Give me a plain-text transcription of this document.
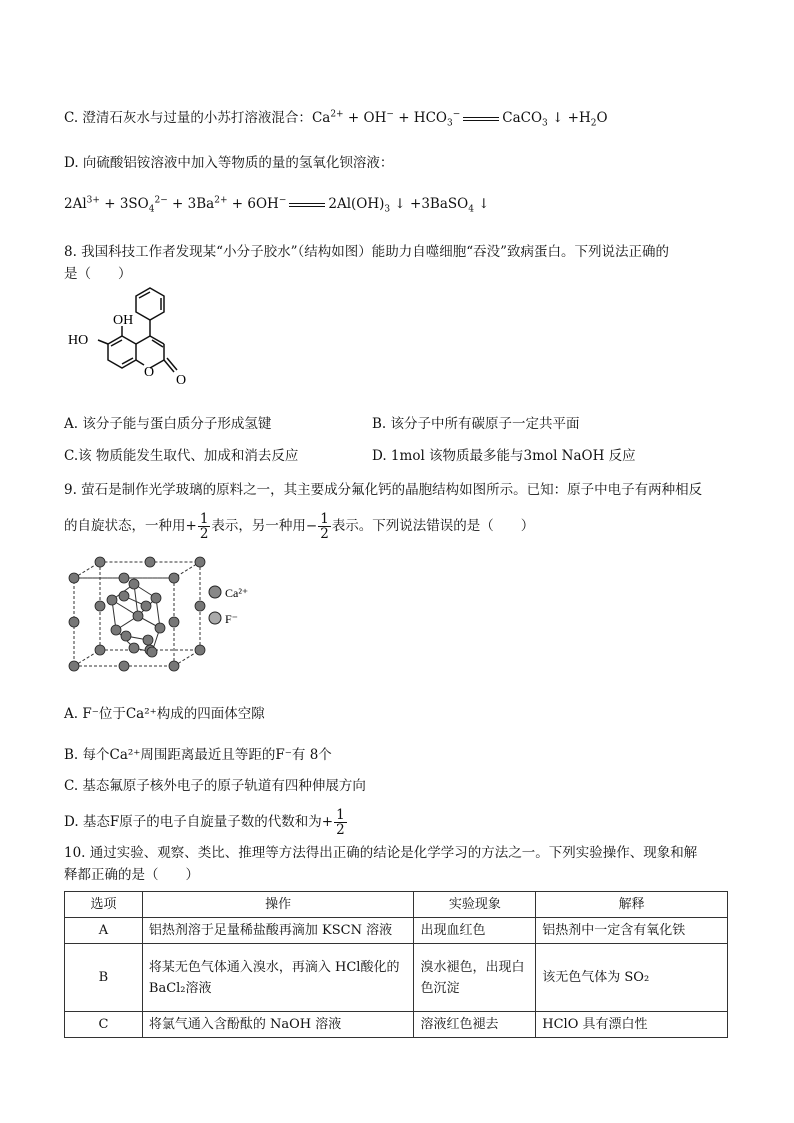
C. 澄清石灰水与过量的小苏打溶液混合：$Ca^{2+} + OH^- + HCO_3^-$	CaCO$_3$ ↓ $+H_2O$
D. 向硫酸铝铵溶液中加入等物质的量的氢氧化钡溶液：
$2Al^{3+} + 3SO_4^{2-} + 3Ba^{2+} + 6OH^-$	$2Al(OH)_3$ ↓ +3BaSO$_4$ ↓
8. 我国科技工作者发现某“小分子胶水”（结构如图）能助力自噬细胞“吞没”致病蛋白。下列说法正确的
是（　　）
OH
HO
O
O
A. 该分子能与蛋白质分子形成氢键	B. 该分子中所有碳原子一定共平面
C.该 物质能发生取代、加成和消去反应	D. 1mol 该物质最多能与3mol NaOH 反应
9. 萤石是制作光学玻璃的原料之一，其主要成分氟化钙的晶胞结构如图所示。已知：原子中电子有两种相反
的自旋状态，一种用+ $\frac{1}{2}$ 表示，另一种用− $\frac{1}{2}$ 表示。下列说法错误的是（　　）
Ca²⁺
F⁻
A. F⁻位于Ca²⁺构成的四面体空隙
B. 每个Ca²⁺周围距离最近且等距的F⁻有 8个
C. 基态氟原子核外电子的原子轨道有四种伸展方向
D. 基态F原子的电子自旋量子数的代数和为+ $\frac{1}{2}$
10. 通过实验、观察、类比、推理等方法得出正确的结论是化学学习的方法之一。下列实验操作、现象和解
释都正确的是（　　）
选项	操作	实验现象	解释
A	铝热剂溶于足量稀盐酸再滴加 KSCN 溶液	出现血红色	铝热剂中一定含有氧化铁
B	将某无色气体通入溴水，再滴入 HCl酸化的BaCl₂溶液	溴水褪色，出现白色沉淀	该无色气体为 SO₂
C	将氯气通入含酚酞的 NaOH 溶液	溶液红色褪去	HClO 具有漂白性
